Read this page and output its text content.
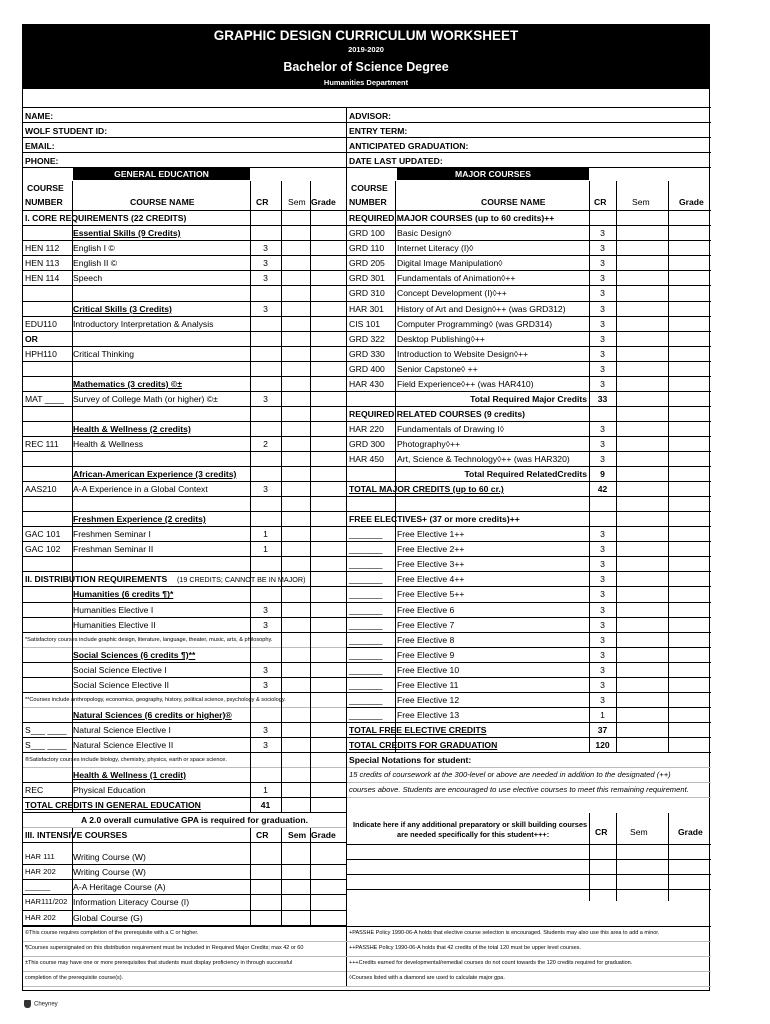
GRAPHIC DESIGN CURRICULUM WORKSHEET
2019-2020
Bachelor of Science Degree
Humanities Department
NAME:
WOLF STUDENT ID:
EMAIL:
PHONE:
ADVISOR:
ENTRY TERM:
ANTICIPATED GRADUATION:
DATE LAST UPDATED:
GENERAL EDUCATION	MAJOR COURSES
COURSE
NUMBER	COURSE NAME	CR Sem Grade
COURSE
NUMBER	COURSE NAME	CR	Sem	Grade
I. CORE REQUIREMENTS (22 CREDITS)
Essential Skills (9 Credits)
HEN 112 English I ©	3
HEN 113 English II ©	3
HEN 114 Speech	3
Critical Skills (3 Credits)	3
EDU110 Introductory Interpretation & Analysis
OR
HPH110 Critical Thinking
Mathematics (3 credits) ©±
MAT ____ Survey of College Math (or higher) ©±	3
Health & Wellness (2 credits)
REC 111 Health & Wellness	2
African-American Experience (3 credits)
AAS210 A-A Experience in a Global Context	3
Freshmen Experience (2 credits)
GAC 101 Freshmen Seminar I	1
GAC 102 Freshman Seminar II	1
II. DISTRIBUTION REQUIREMENTS (19 CREDITS; CANNOT BE IN MAJOR)
Humanities (6 credits ¶)*
Humanities Elective I	3
Humanities Elective II	3
*Satisfactory courses include graphic design, literature, language, theater, music, arts, & philosophy.
Social Sciences (6 credits ¶)**
Social Science Elective I	3
Social Science Elective II	3
**Courses include anthropology, economics, geography, history, political science, psychology & sociology.
Natural Sciences (6 credits or higher)®
S___ ____ Natural Science Elective I	3
S___ ____ Natural Science Elective II	3
®Satisfactory courses include biology, chemistry, physics, earth or space science.
Health & Wellness (1 credit)
REC	Physical Education	1
TOTAL CREDITS IN GENERAL EDUCATION	41
A 2.0 overall cumulative GPA is required for graduation.
REQUIRED MAJOR COURSES (up to 60 credits)++
GRD 100 Basic Design◊	3
GRD 110 Internet Literacy (I)◊	3
GRD 205 Digital Image Manipulation◊	3
GRD 301 Fundamentals of Animation◊++	3
GRD 310 Concept Development (I)◊++	3
HAR 301 History of Art and Design◊++ (was GRD312)	3
CIS 101 Computer Programming◊ (was GRD314)	3
GRD 322 Desktop Publishing◊++	3
GRD 330 Introduction to Website Design◊++	3
GRD 400 Senior Capstone◊ ++	3
HAR 430 Field Experience◊++ (was HAR410)	3
Total Required Major Credits	33
REQUIRED RELATED COURSES (9 credits)
HAR 220 Fundamentals of Drawing I◊	3
GRD 300 Photography◊++	3
HAR 450 Art, Science & Technology◊++ (was HAR320)	3
Total Required RelatedCredits	9
TOTAL MAJOR CREDITS (up to 60 cr.)	42
FREE ELECTIVES+ (37 or more credits)++
_______ Free Elective 1++	3
_______ Free Elective 2++	3
_______ Free Elective 3++	3
_______ Free Elective 4++	3
_______ Free Elective 5++	3
_______ Free Elective 6	3
_______ Free Elective 7	3
_______ Free Elective 8	3
_______ Free Elective 9	3
_______ Free Elective 10	3
_______ Free Elective 11	3
_______ Free Elective 12	3
_______ Free Elective 13	1
TOTAL FREE ELECTIVE CREDITS	37
TOTAL CREDITS FOR GRADUATION	120
Special Notations for student:
15 credits of coursework at the 300-level or above are needed in addition to the designated (++)
courses above. Students are encouraged to use elective courses to meet this remaining requirement.
III. INTENSIVE COURSES	CR Sem Grade
HAR 111 Writing Course (W)
HAR 202 Writing Course (W)
______	A-A Heritage Course (A)
HAR111/202 Information Literacy Course (I)
HAR 202 Global Course (G)
Indicate here if any additional preparatory or skill building courses
are needed specifically for this student+++:	CR	Sem	Grade
©This course requires completion of the prerequisite with a C or higher.
¶Courses supersignated on this distribution requirement must be included in Required Major Credits; max 42 or 60
±This course may have one or more prerequisites that students must display proficiency in through successful
completion of the prerequisite course(s).
+PASSHE Policy 1990-06-A holds that elective course selection is encouraged. Students may also use this area to add a minor.
++PASSHE Policy 1990-06-A holds that 42 credits of the total 120 must be upper level courses.
+++Credits earned for developmental/remedial courses do not count towards the 120 credits required for graduation.
◊Courses listed with a diamond are used to calculate major gpa.
Cheyney
